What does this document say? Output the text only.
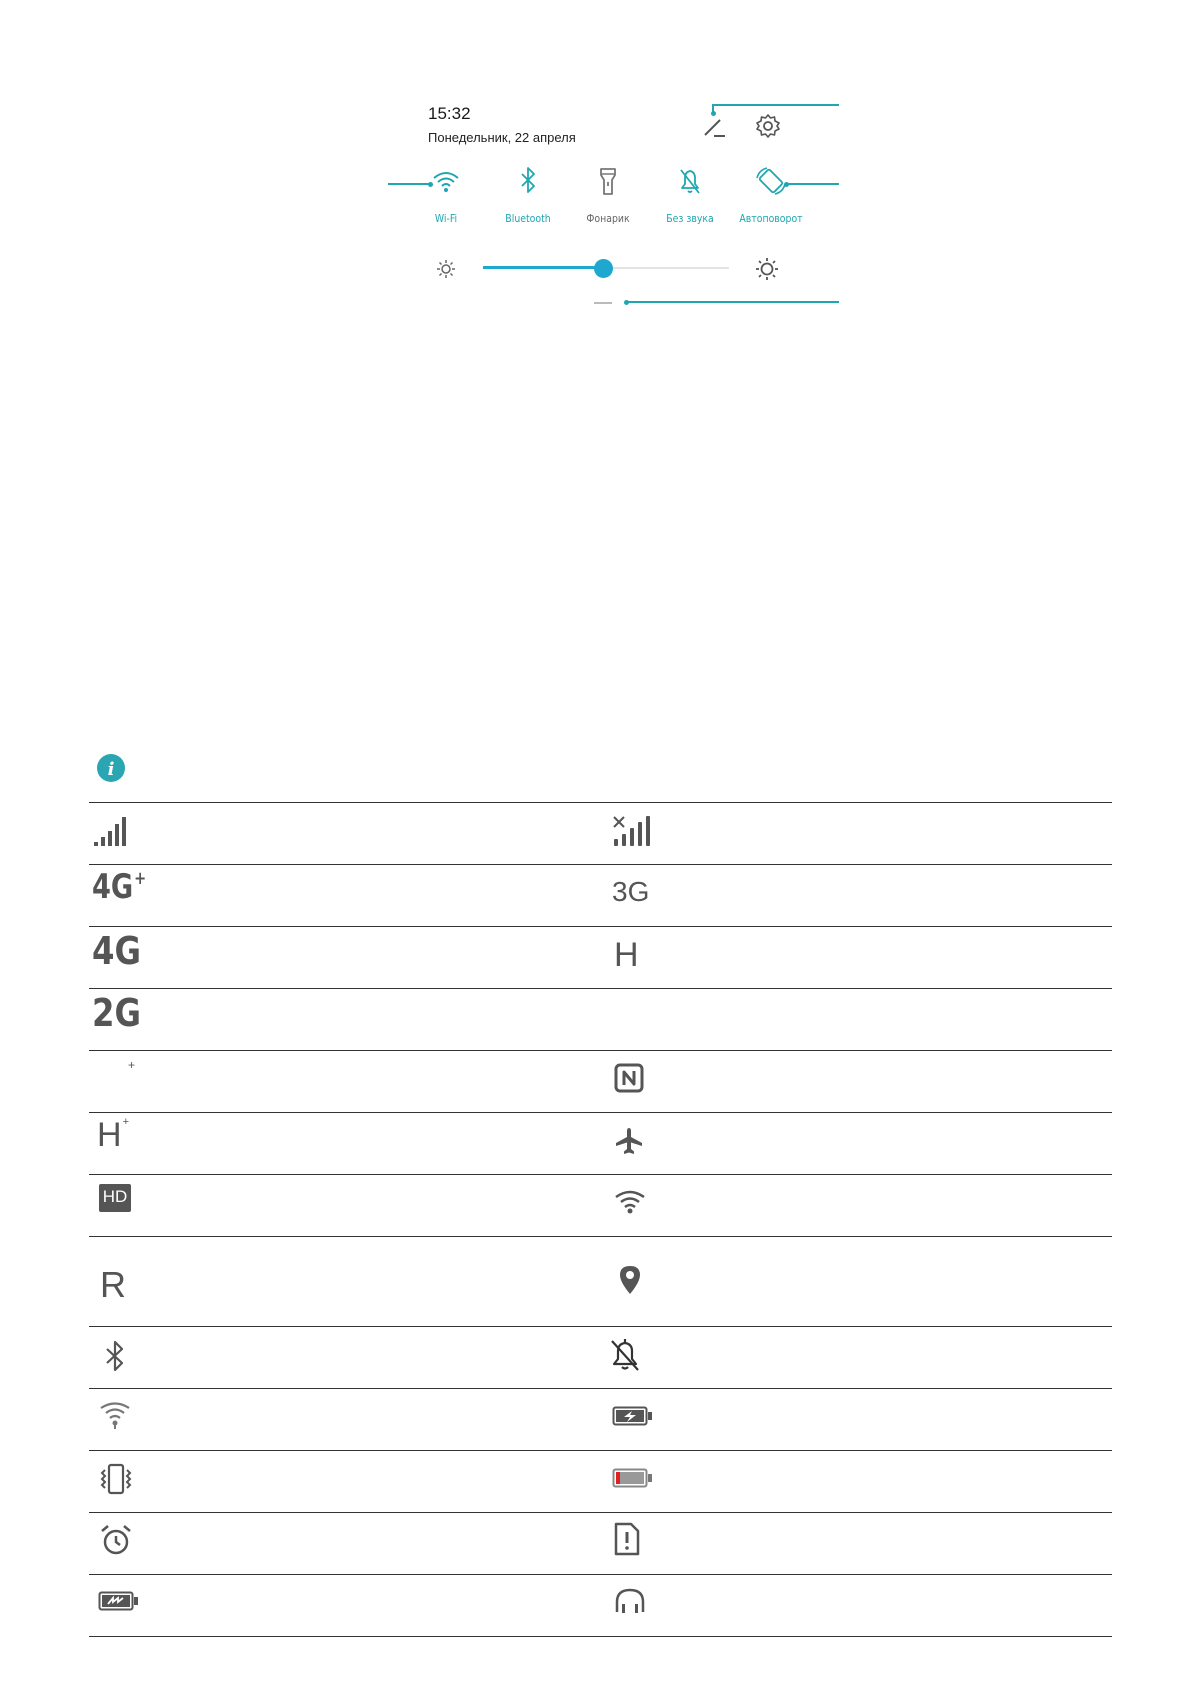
15:32
Понедельник, 22 апреля
Wi-Fi	Bluetooth	Фонарик	Без звука	Автоповорот
i
4G +	3G
4G	H
2G
+
H +
HD
R
